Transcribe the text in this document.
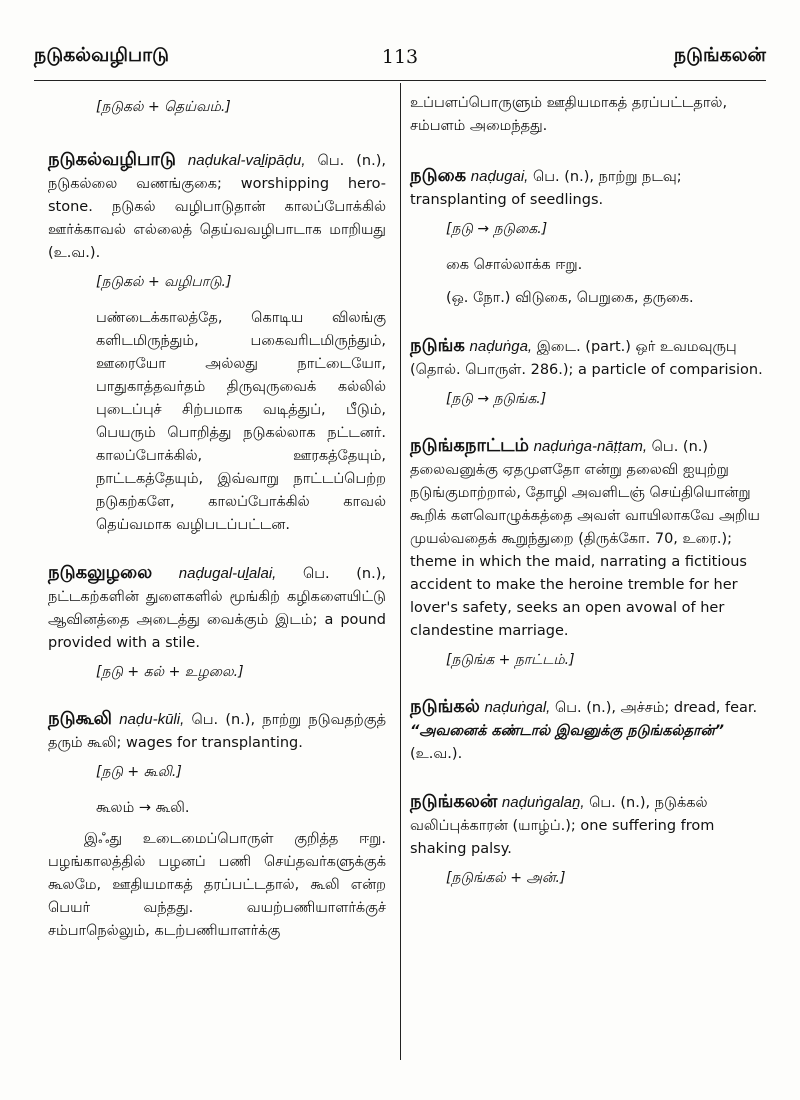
நடுகல்வழிபாடு	113	நடுங்கலன்

[நடுகல் + தெய்வம்.]

நடுகல்வழிபாடு naḍukal-vaḻipāḍu, பெ. (n.), நடுகல்லை வணங்குகை; worshipping hero-stone. நடுகல் வழிபாடுதான் காலப்போக்கில் ஊர்க்காவல் எல்லைத் தெய்வவழிபாடாக மாறியது (உ.வ.).

[நடுகல் + வழிபாடு.]

பண்டைக்காலத்தே, கொடிய விலங்கு களிடமிருந்தும், பகைவரிடமிருந்தும், ஊரையோ அல்லது நாட்டையோ, பாதுகாத்தவர்தம் திருவுருவைக் கல்லில் புடைப்புச் சிற்பமாக வடித்துப், பீடும், பெயரும் பொறித்து நடுகல்லாக நட்டனர். காலப்போக்கில், ஊரகத்தேயும், நாட்டகத்தேயும், இவ்வாறு நாட்டப்பெற்ற நடுகற்களே, காலப்போக்கில் காவல் தெய்வமாக வழிபடப்பட்டன.

நடுகலுழலை naḍugal-uḻalai, பெ. (n.), நட்டகற்களின் துளைகளில் மூங்கிற் கழிகளையிட்டு ஆவினத்தை அடைத்து வைக்கும் இடம்; a pound provided with a stile.

[நடு + கல் + உழலை.]

நடுகூலி naḍu-kūli, பெ. (n.), நாற்று நடுவதற்குத் தரும் கூலி; wages for transplanting.

[நடு + கூலி.]

கூலம் → கூலி.

இஃது உடைமைப்பொருள் குறித்த ஈறு. பழங்காலத்தில் பழனப் பணி செய்தவர்களுக்குக் கூலமே, ஊதியமாகத் தரப்பட்டதால், கூலி என்ற பெயர் வந்தது. வயற்பணியாளர்க்குச் சம்பாநெல்லும், கடற்பணியாளர்க்கு

உப்பளப்பொருளும் ஊதியமாகத் தரப்பட்டதால், சம்பளம் அமைந்தது.

நடுகை naḍugai, பெ. (n.), நாற்று நடவு; transplanting of seedlings.

[நடு → நடுகை.]

கை சொல்லாக்க ஈறு.

(ஒ. நோ.) விடுகை, பெறுகை, தருகை.

நடுங்க naḍuṅga, இடை. (part.) ஒர் உவமவுருபு (தொல். பொருள். 286.); a particle of comparision.

[நடு → நடுங்க.]

நடுங்கநாட்டம் naḍuṅga-nāṭṭam, பெ. (n.) தலைவனுக்கு ஏதமுளதோ என்று தலைவி ஐயுற்று நடுங்குமாற்றால், தோழி அவளிடஞ் செய்தியொன்று கூறிக் களவொழுக்கத்தை அவள் வாயிலாகவே அறிய முயல்வதைக் கூறுந்துறை (திருக்கோ. 70, உரை.); theme in which the maid, narrating a fictitious accident to make the heroine tremble for her lover's safety, seeks an open avowal of her clandestine marriage.

[நடுங்க + நாட்டம்.]

நடுங்கல் naḍuṅgal, பெ. (n.), அச்சம்; dread, fear. “அவனைக் கண்டால் இவனுக்கு நடுங்கல்தான்” (உ.வ.).

நடுங்கலன் naḍuṅgalaṉ, பெ. (n.), நடுக்கல் வலிப்புக்காரன் (யாழ்ப்.); one suffering from shaking palsy.

[நடுங்கல் + அன்.]
